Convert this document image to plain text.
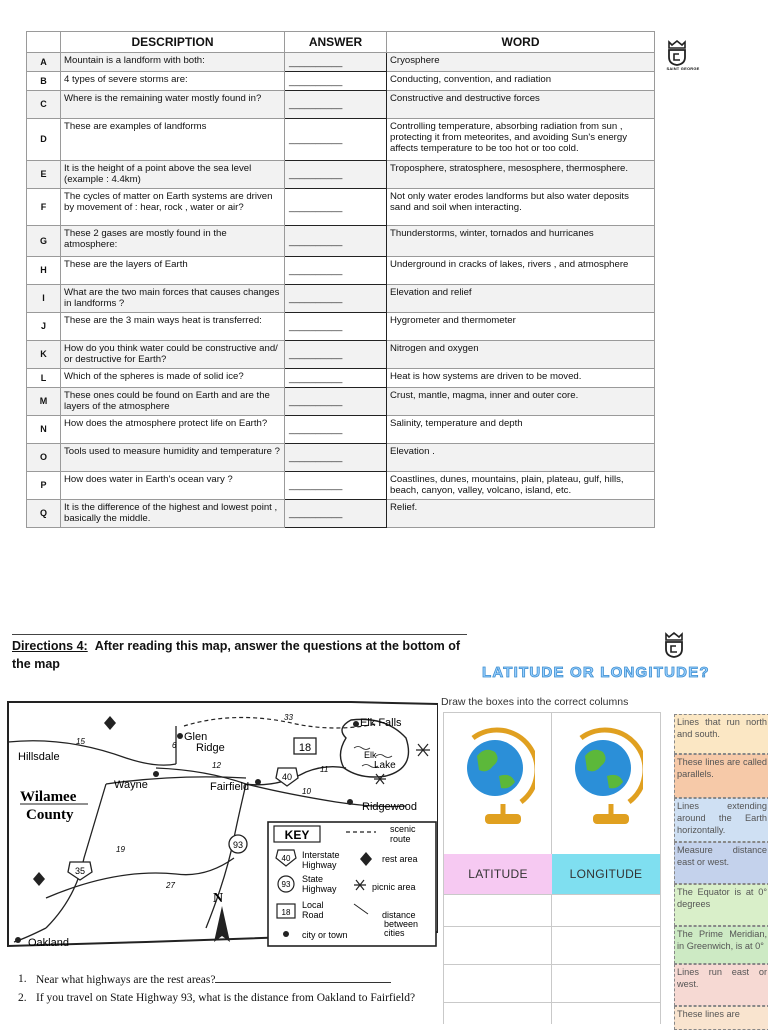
	DESCRIPTION	ANSWER	WORD
A	Mountain is a landform with both:	__________	Cryosphere
B	4 types of severe storms are:	__________	Conducting, convention, and radiation
C	Where is the remaining water mostly found in?	__________	Constructive and destructive forces
D	These are examples of landforms	__________	Controlling temperature, absorbing radiation from sun , protecting it from meteorites, and avoiding Sun's energy affects temperature to be too hot or too cold.
E	It is the height of a point above the sea level (example : 4.4km)	__________	Troposphere, stratosphere, mesosphere, thermosphere.
F	The cycles of matter on Earth systems are driven by movement of : hear, rock , water or air?	__________	Not only water erodes landforms but also water deposits sand and soil when interacting.
G	These 2 gases are mostly found in the atmosphere:	__________	Thunderstorms, winter, tornados and hurricanes
H	These are the layers of Earth	__________	Underground in cracks of lakes, rivers , and atmosphere
I	What are the two main forces that causes changes in landforms ?	__________	Elevation and relief
J	These are the 3 main ways heat is transferred:	__________	Hygrometer and thermometer
K	How do you think water could be constructive and/ or destructive for Earth?	__________	Nitrogen and oxygen
L	Which of the spheres is made of solid ice?	__________	Heat is how systems are driven to be moved.
M	These ones could be found on Earth and are the layers of the atmosphere	__________	Crust, mantle, magma, inner and outer core.
N	How does the atmosphere protect life on Earth?	__________	Salinity, temperature and depth
O	Tools used to measure humidity and temperature ?	__________	Elevation .
P	How does water in Earth's ocean vary ?	__________	Coastlines, dunes, mountains, plain, plateau, gulf, hills, beach, canyon, valley, volcano, island, etc.
Q	It is the difference of the highest and lowest point , basically the middle.	__________	Relief.
SAINT GEORGE
Directions 4: After reading this map, answer the questions at the bottom of the map
18
40
93
35
15
12	11
10
19
27
33
6
Glen
Ridge
Hillsdale
Wayne	Fairfield
Elk Falls
Elk
Lake
Ridgewood
Oakland
Wilamee
County
N
KEY	scenic
route
40 Interstate
Highway
rest area
93
State
Highway	picnic area
18
Local
Road	distance
between
cities
city or town
1. Near what highways are the rest areas?
2. If you travel on State Highway 93, what is the distance from Oakland to Fairfield?
LATITUDE OR LONGITUDE?
Draw the boxes into the correct columns
LATITUDE	LONGITUDE
Lines that run north and south.
These lines are called parallels.
Lines extending around the Earth horizontally.
Measure distance east or west.
The Equator is at 0° degrees
The Prime Meridian, in Greenwich, is at 0°
Lines run east or west.
These lines are
